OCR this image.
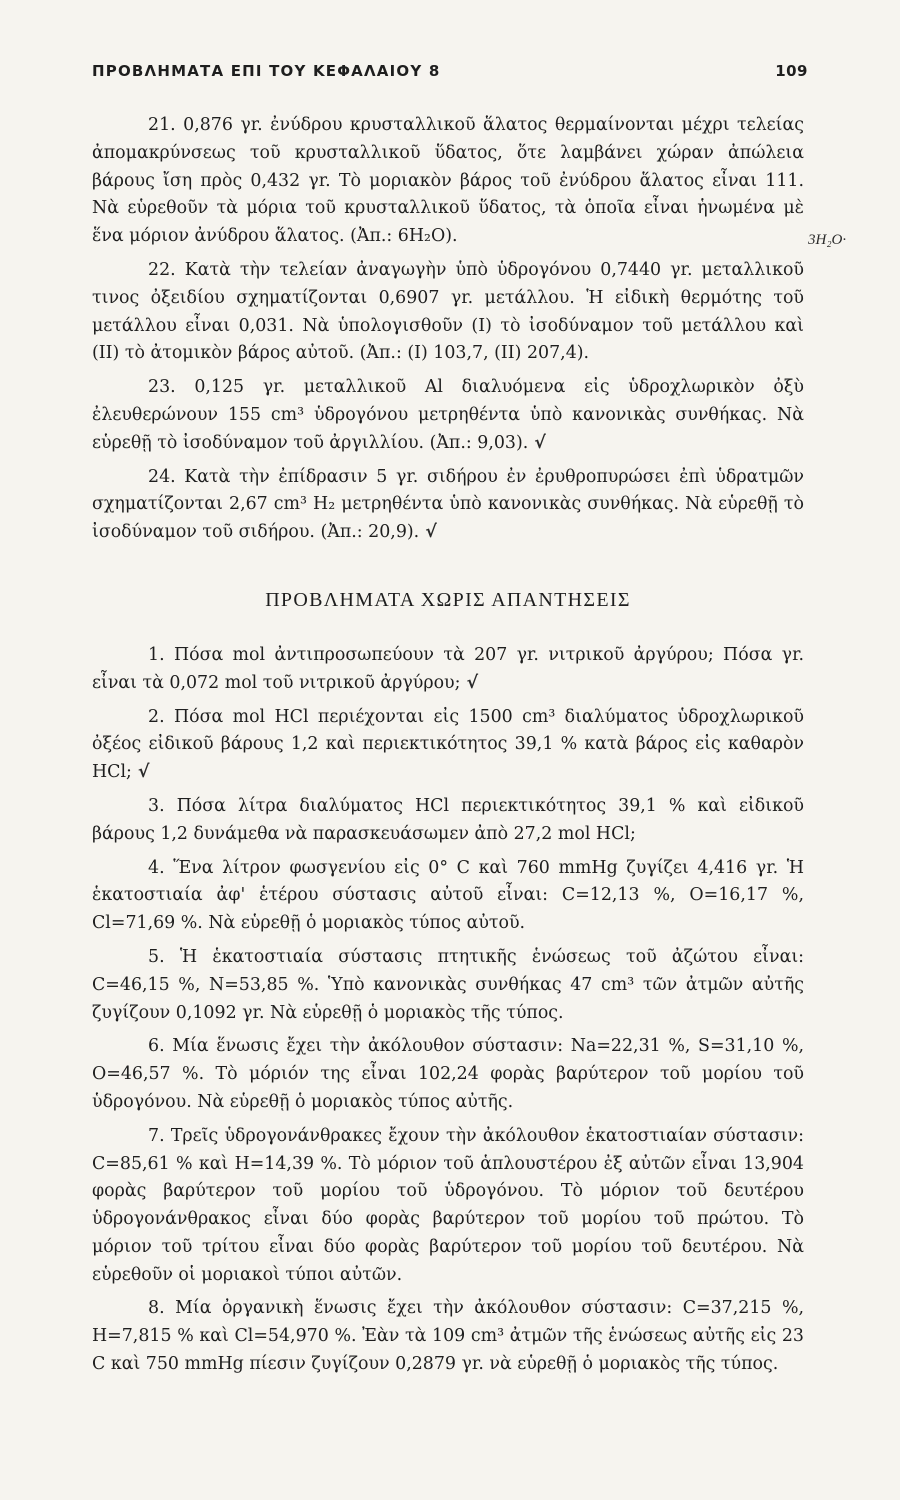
ΠΡΟΒΛΗΜΑΤΑ ΕΠΙ ΤΟΥ ΚΕΦΑΛΑΙΟΥ 8	109
3Η₂Ο·

21. 0,876 γr. ἐνύδρου κρυσταλλικοῦ ἅλατος θερμαίνονται μέχρι τελείας ἀπομακρύνσεως τοῦ κρυσταλλικοῦ ὕδατος, ὅτε λαμβάνει χώραν ἀπώλεια βάρους ἴση πρὸς 0,432 γr. Τὸ μοριακὸν βάρος τοῦ ἐνύδρου ἅλατος εἶναι 111. Νὰ εὑρεθοῦν τὰ μόρια τοῦ κρυσταλλικοῦ ὕδατος, τὰ ὁποῖα εἶναι ἡνωμένα μὲ ἕνα μόριον ἀνύδρου ἅλατος. (Ἀπ.: 6Η₂Ο).

22. Κατὰ τὴν τελείαν ἀναγωγὴν ὑπὸ ὑδρογόνου 0,7440 γr. μεταλλικοῦ τινος ὀξειδίου σχηματίζονται 0,6907 γr. μετάλλου. Ἡ εἰδικὴ θερμότης τοῦ μετάλλου εἶναι 0,031. Νὰ ὑπολογισθοῦν (Ι) τὸ ἰσοδύναμον τοῦ μετάλλου καὶ (ΙΙ) τὸ ἀτομικὸν βάρος αὐτοῦ. (Ἀπ.: (Ι) 103,7, (ΙΙ) 207,4).

23. 0,125 γr. μεταλλικοῦ Al διαλυόμενα εἰς ὑδροχλωρικὸν ὀξὺ ἐλευθερώνουν 155 cm³ ὑδρογόνου μετρηθέντα ὑπὸ κανονικὰς συνθήκας. Νὰ εὑρεθῇ τὸ ἰσοδύναμον τοῦ ἀργιλλίου. (Ἀπ.: 9,03). √

24. Κατὰ τὴν ἐπίδρασιν 5 γr. σιδήρου ἐν ἐρυθροπυρώσει ἐπὶ ὑδρατμῶν σχηματίζονται 2,67 cm³ Η₂ μετρηθέντα ὑπὸ κανονικὰς συνθήκας. Νὰ εὑρεθῇ τὸ ἰσοδύναμον τοῦ σιδήρου. (Ἀπ.: 20,9). √

ΠΡΟΒΛΗΜΑΤΑ ΧΩΡΙΣ ΑΠΑΝΤΗΣΕΙΣ

1. Πόσα mol ἀντιπροσωπεύουν τὰ 207 γr. νιτρικοῦ ἀργύρου; Πόσα γr. εἶναι τὰ 0,072 mol τοῦ νιτρικοῦ ἀργύρου; √

2. Πόσα mol HCl περιέχονται εἰς 1500 cm³ διαλύματος ὑδροχλωρικοῦ ὀξέος εἰδικοῦ βάρους 1,2 καὶ περιεκτικότητος 39,1 % κατὰ βάρος εἰς καθαρὸν HCl; √

3. Πόσα λίτρα διαλύματος HCl περιεκτικότητος 39,1 % καὶ εἰδικοῦ βάρους 1,2 δυνάμεθα νὰ παρασκευάσωμεν ἀπὸ 27,2 mol HCl;

4. Ἕνα λίτρον φωσγενίου εἰς 0° C καὶ 760 mmHg ζυγίζει 4,416 γr. Ἡ ἑκατοστιαία ἀφ' ἑτέρου σύστασις αὐτοῦ εἶναι: C=12,13 %, O=16,17 %, Cl=71,69 %. Νὰ εὑρεθῇ ὁ μοριακὸς τύπος αὐτοῦ.

5. Ἡ ἑκατοστιαία σύστασις πτητικῆς ἑνώσεως τοῦ ἀζώτου εἶναι: C=46,15 %, N=53,85 %. Ὑπὸ κανονικὰς συνθήκας 47 cm³ τῶν ἀτμῶν αὐτῆς ζυγίζουν 0,1092 γr. Νὰ εὑρεθῇ ὁ μοριακὸς τῆς τύπος.

6. Μία ἕνωσις ἔχει τὴν ἀκόλουθον σύστασιν: Na=22,31 %, S=31,10 %, O=46,57 %. Τὸ μόριόν της εἶναι 102,24 φορὰς βαρύτερον τοῦ μορίου τοῦ ὑδρογόνου. Νὰ εὑρεθῇ ὁ μοριακὸς τύπος αὐτῆς.

7. Τρεῖς ὑδρογονάνθρακες ἔχουν τὴν ἀκόλουθον ἑκατοστιαίαν σύστασιν: C=85,61 % καὶ H=14,39 %. Τὸ μόριον τοῦ ἁπλουστέρου ἐξ αὐτῶν εἶναι 13,904 φορὰς βαρύτερον τοῦ μορίου τοῦ ὑδρογόνου. Τὸ μόριον τοῦ δευτέρου ὑδρογονάνθρακος εἶναι δύο φορὰς βαρύτερον τοῦ μορίου τοῦ πρώτου. Τὸ μόριον τοῦ τρίτου εἶναι δύο φορὰς βαρύτερον τοῦ μορίου τοῦ δευτέρου. Νὰ εὑρεθοῦν οἱ μοριακοὶ τύποι αὐτῶν.

8. Μία ὀργανικὴ ἕνωσις ἔχει τὴν ἀκόλουθον σύστασιν: C=37,215 %, H=7,815 % καὶ Cl=54,970 %. Ἐὰν τὰ 109 cm³ ἀτμῶν τῆς ἑνώσεως αὐτῆς εἰς 23 C καὶ 750 mmHg πίεσιν ζυγίζουν 0,2879 γr. νὰ εὑρεθῇ ὁ μοριακὸς τῆς τύπος.
